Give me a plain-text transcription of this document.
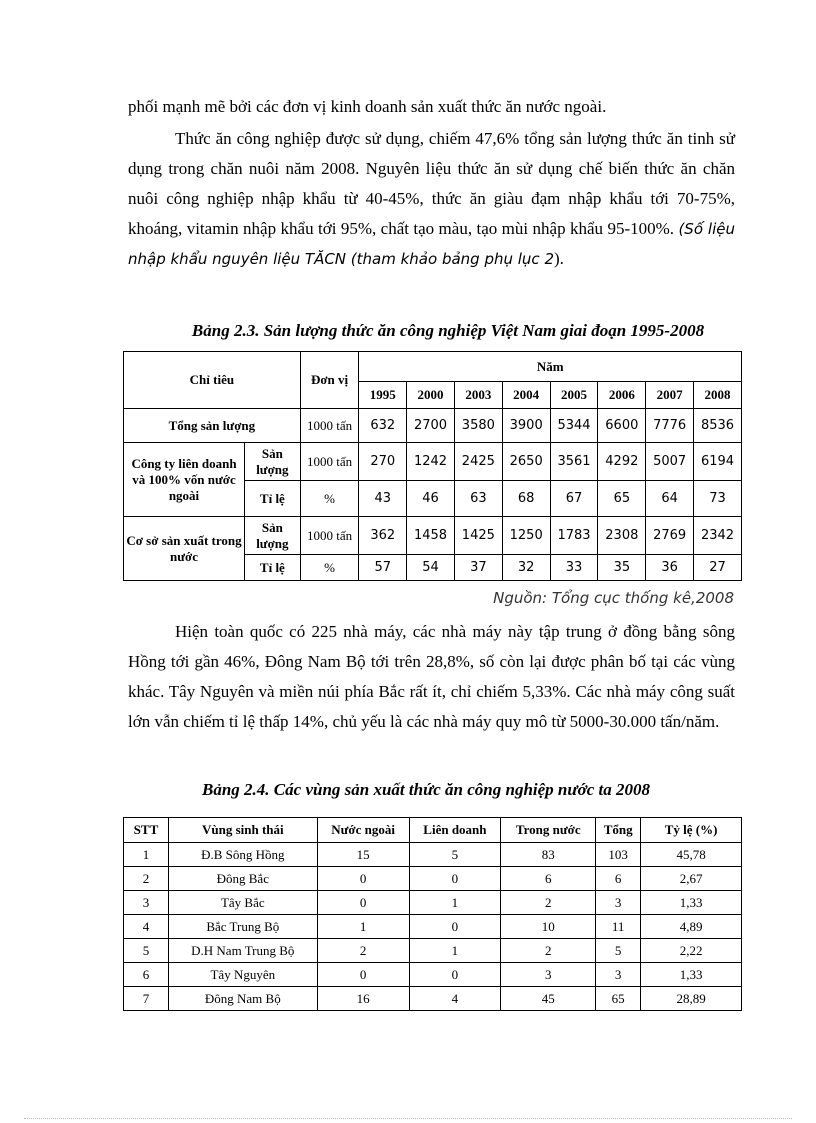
phối mạnh mẽ bởi các đơn vị kinh doanh sản xuất thức ăn nước ngoài.

Thức ăn công nghiệp được sử dụng, chiếm 47,6% tổng sản lượng thức ăn tinh sử dụng trong chăn nuôi năm 2008. Nguyên liệu thức ăn sử dụng chế biến thức ăn chăn nuôi công nghiệp nhập khẩu từ 40-45%, thức ăn giàu đạm nhập khẩu tới 70-75%, khoáng, vitamin nhập khẩu tới 95%, chất tạo màu, tạo mùi nhập khẩu 95-100%. (Số liệu nhập khẩu nguyên liệu TĂCN (tham khảo bảng phụ lục 2).

Bảng 2.3. Sản lượng thức ăn công nghiệp Việt Nam giai đoạn 1995-2008

Chỉ tiêu		Đơn vị	Năm							
			1995	2000	2003	2004	2005	2006	2007	2008
Tổng sản lượng		1000 tấn	632	2700	3580	3900	5344	6600	7776	8536
Công ty liên doanh và 100% vốn nước ngoài	Sản lượng	1000 tấn	270	1242	2425	2650	3561	4292	5007	6194
	Tỉ lệ	%	43	46	63	68	67	65	64	73
Cơ sở sản xuất trong nước	Sản lượng	1000 tấn	362	1458	1425	1250	1783	2308	2769	2342
	Tỉ lệ	%	57	54	37	32	33	35	36	27
Nguồn: Tổng cục thống kê,2008

Hiện toàn quốc có 225 nhà máy, các nhà máy này tập trung ở đồng bằng sông Hồng tới gần 46%, Đông Nam Bộ tới trên 28,8%, số còn lại được phân bố tại các vùng khác. Tây Nguyên và miền núi phía Bắc rất ít, chỉ chiếm 5,33%. Các nhà máy công suất lớn vẫn chiếm tỉ lệ thấp 14%, chủ yếu là các nhà máy quy mô từ 5000-30.000 tấn/năm.

Bảng 2.4. Các vùng sản xuất thức ăn công nghiệp nước ta 2008

STT	Vùng sinh thái	Nước ngoài	Liên doanh	Trong nước	Tổng	Tỷ lệ (%)
1	Đ.B Sông Hồng	15	5	83	103	45,78
2	Đông Bắc	0	0	6	6	2,67
3	Tây Bắc	0	1	2	3	1,33
4	Bắc Trung Bộ	1	0	10	11	4,89
5	D.H Nam Trung Bộ	2	1	2	5	2,22
6	Tây Nguyên	0	0	3	3	1,33
7	Đông Nam Bộ	16	4	45	65	28,89
